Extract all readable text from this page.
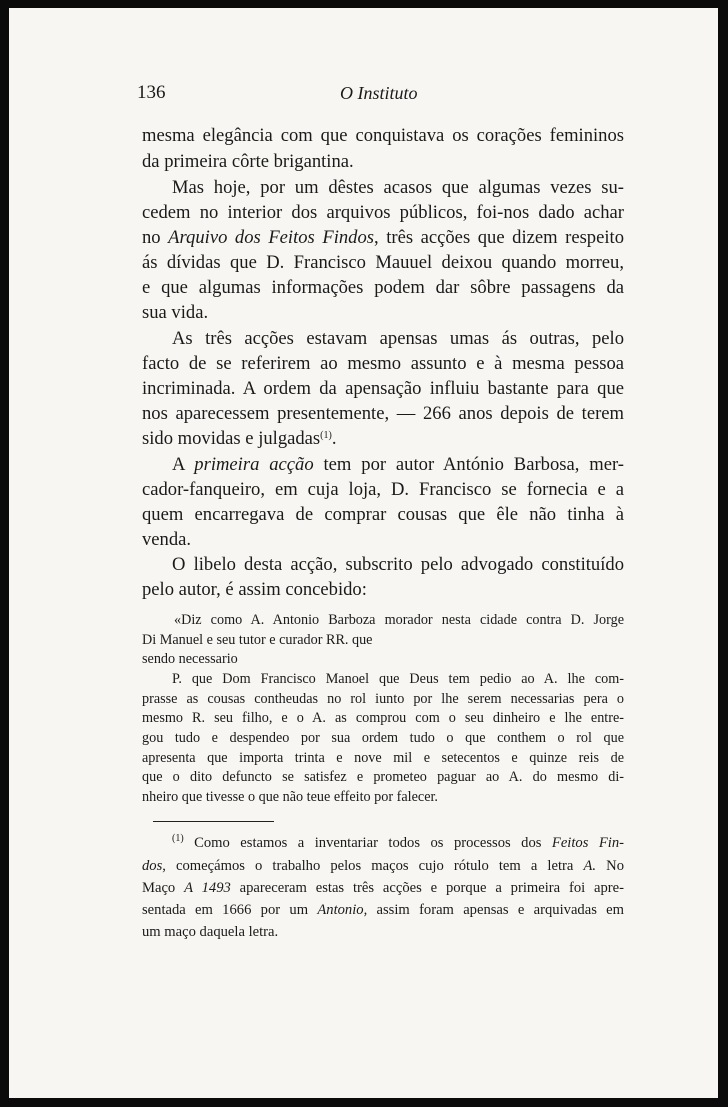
136	O Instituto

mesma elegância com que conquistava os corações femininos

da primeira côrte brigantina.

Mas hoje, por um dêstes acasos que algumas vezes su-

cedem no interior dos arquivos públicos, foi-nos dado achar

no Arquivo dos Feitos Findos, três acções que dizem respeito

ás dívidas que D. Francisco Mauuel deixou quando morreu,

e que algumas informações podem dar sôbre passagens da

sua vida.

As três acções estavam apensas umas ás outras, pelo

facto de se referirem ao mesmo assunto e à mesma pessoa

incriminada. A ordem da apensação influiu bastante para que

nos aparecessem presentemente, — 266 anos depois de terem

sido movidas e julgadas$^{(1)}$.

A primeira acção tem por autor António Barbosa, mer-

cador-fanqueiro, em cuja loja, D. Francisco se fornecia e a

quem encarregava de comprar cousas que êle não tinha à

venda.

O libelo desta acção, subscrito pelo advogado constituído

pelo autor, é assim concebido:

«Diz como A. Antonio Barboza morador nesta cidade contra D. Jorge

Di Manuel e seu tutor e curador RR. que

sendo necessario

P. que Dom Francisco Manoel que Deus tem pedio ao A. lhe com-

prasse as cousas contheudas no rol iunto por lhe serem necessarias pera o

mesmo R. seu filho, e o A. as comprou com o seu dinheiro e lhe entre-

gou tudo e despendeo por sua ordem tudo o que conthem o rol que

apresenta que importa trinta e nove mil e setecentos e quinze reis de

que o dito defuncto se satisfez e prometeo paguar ao A. do mesmo di-

nheiro que tivesse o que não teue effeito por falecer.

$^{(1)}$ Como estamos a inventariar todos os processos dos Feitos Fin-

dos, começámos o trabalho pelos maços cujo rótulo tem a letra A. No

Maço A 1493 apareceram estas três acções e porque a primeira foi apre-

sentada em 1666 por um Antonio, assim foram apensas e arquivadas em

um maço daquela letra.
